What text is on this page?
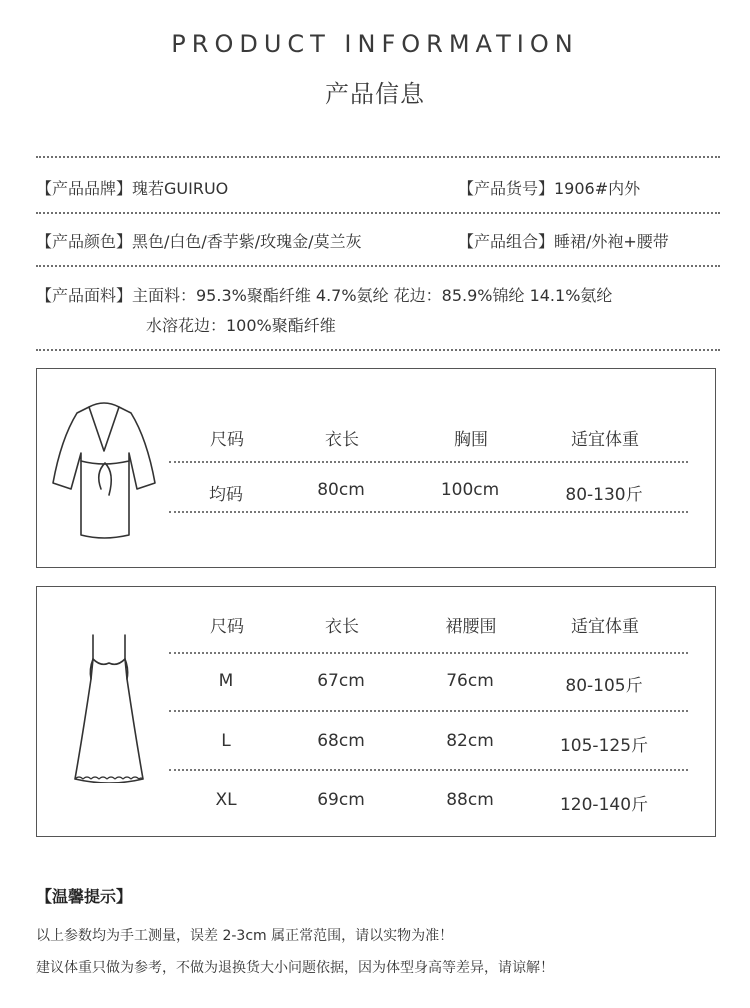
PRODUCT INFORMATION
产品信息
【产品品牌】瑰若GUIRUO	【产品货号】1906#内外
【产品颜色】黑色/白色/香芋紫/玫瑰金/莫兰灰	【产品组合】睡裙/外袍+腰带
【产品面料】主面料：95.3%聚酯纤维 4.7%氨纶 花边：85.9%锦纶 14.1%氨纶
水溶花边：100%聚酯纤维
尺码	衣长	胸围	适宜体重
均码	80cm	100cm	80-130斤
尺码	衣长	裙腰围	适宜体重
M	67cm	76cm	80-105斤
L	68cm	82cm	105-125斤
XL	69cm	88cm	120-140斤
【温馨提示】
以上参数均为手工测量，误差 2-3cm 属正常范围，请以实物为准！
建议体重只做为参考，不做为退换货大小问题依据，因为体型身高等差异，请谅解！
